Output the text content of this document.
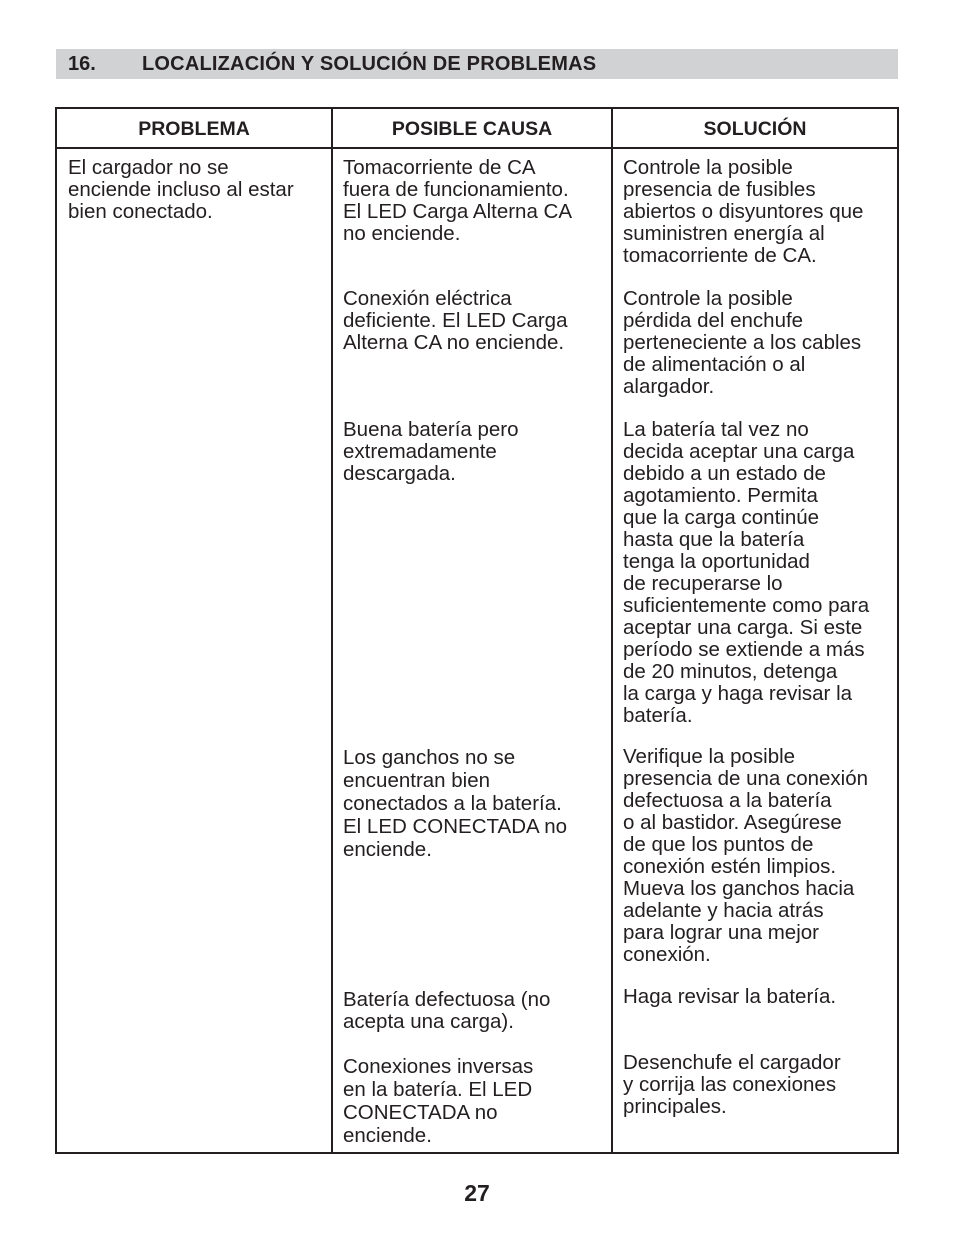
16. LOCALIZACIÓN Y SOLUCIÓN DE PROBLEMAS
PROBLEMA	POSIBLE CAUSA	SOLUCIÓN
El cargador no se
enciende incluso al estar
bien conectado.
Tomacorriente de CA
fuera de funcionamiento.
El LED Carga Alterna CA
no enciende.
Controle la posible
presencia de fusibles
abiertos o disyuntores que
suministren energía al
tomacorriente de CA.
Conexión eléctrica
deficiente. El LED Carga
Alterna CA no enciende.
Controle la posible
pérdida del enchufe
perteneciente a los cables
de alimentación o al
alargador.
Buena batería pero
extremadamente
descargada.
La batería tal vez no
decida aceptar una carga
debido a un estado de
agotamiento. Permita
que la carga continúe
hasta que la batería
tenga la oportunidad
de recuperarse lo
suficientemente como para
aceptar una carga. Si este
período se extiende a más
de 20 minutos, detenga
la carga y haga revisar la
batería.
Los ganchos no se
encuentran bien
conectados a la batería.
El LED CONECTADA no
enciende.
Verifique la posible
presencia de una conexión
defectuosa a la batería
o al bastidor. Asegúrese
de que los puntos de
conexión estén limpios.
Mueva los ganchos hacia
adelante y hacia atrás
para lograr una mejor
conexión.
Batería defectuosa (no
acepta una carga).
Haga revisar la batería.
Conexiones inversas
en la batería. El LED
CONECTADA no
enciende.
Desenchufe el cargador
y corrija las conexiones
principales.
27
